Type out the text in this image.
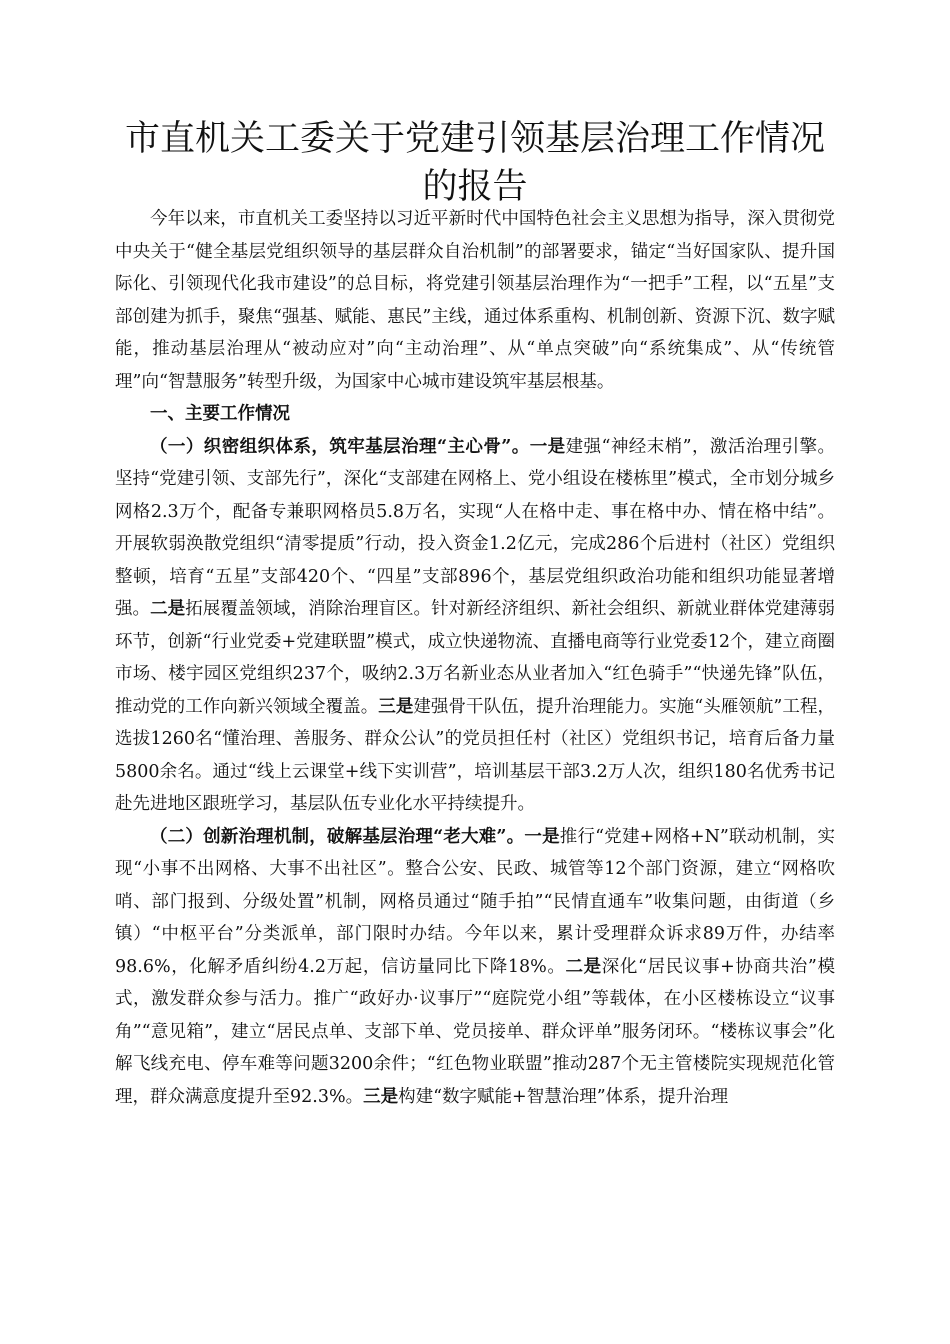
市直机关工委关于党建引领基层治理工作情况的报告

今年以来，市直机关工委坚持以习近平新时代中国特色社会主义思想为指导，深入贯彻党中央关于“健全基层党组织领导的基层群众自治机制”的部署要求，锚定“当好国家队、提升国际化、引领现代化我市建设”的总目标，将党建引领基层治理作为“一把手”工程，以“五星”支部创建为抓手，聚焦“强基、赋能、惠民”主线，通过体系重构、机制创新、资源下沉、数字赋能，推动基层治理从“被动应对”向“主动治理”、从“单点突破”向“系统集成”、从“传统管理”向“智慧服务”转型升级，为国家中心城市建设筑牢基层根基。

一、主要工作情况

（一）织密组织体系，筑牢基层治理“主心骨”。一是建强“神经末梢”，激活治理引擎。坚持“党建引领、支部先行”，深化“支部建在网格上、党小组设在楼栋里”模式，全市划分城乡网格2.3万个，配备专兼职网格员5.8万名，实现“人在格中走、事在格中办、情在格中结”。开展软弱涣散党组织“清零提质”行动，投入资金1.2亿元，完成286个后进村（社区）党组织整顿，培育“五星”支部420个、“四星”支部896个，基层党组织政治功能和组织功能显著增强。二是拓展覆盖领域，消除治理盲区。针对新经济组织、新社会组织、新就业群体党建薄弱环节，创新“行业党委+党建联盟”模式，成立快递物流、直播电商等行业党委12个，建立商圈市场、楼宇园区党组织237个，吸纳2.3万名新业态从业者加入“红色骑手”“快递先锋”队伍，推动党的工作向新兴领域全覆盖。三是建强骨干队伍，提升治理能力。实施“头雁领航”工程，选拔1260名“懂治理、善服务、群众公认”的党员担任村（社区）党组织书记，培育后备力量5800余名。通过“线上云课堂+线下实训营”，培训基层干部3.2万人次，组织180名优秀书记赴先进地区跟班学习，基层队伍专业化水平持续提升。

（二）创新治理机制，破解基层治理“老大难”。一是推行“党建+网格+N”联动机制，实现“小事不出网格、大事不出社区”。整合公安、民政、城管等12个部门资源，建立“网格吹哨、部门报到、分级处置”机制，网格员通过“随手拍”“民情直通车”收集问题，由街道（乡镇）“中枢平台”分类派单，部门限时办结。今年以来，累计受理群众诉求89万件，办结率98.6%，化解矛盾纠纷4.2万起，信访量同比下降18%。二是深化“居民议事+协商共治”模式，激发群众参与活力。推广“政好办·议事厅”“庭院党小组”等载体，在小区楼栋设立“议事角”“意见箱”，建立“居民点单、支部下单、党员接单、群众评单”服务闭环。“楼栋议事会”化解飞线充电、停车难等问题3200余件；“红色物业联盟”推动287个无主管楼院实现规范化管理，群众满意度提升至92.3%。三是构建“数字赋能+智慧治理”体系，提升治理
